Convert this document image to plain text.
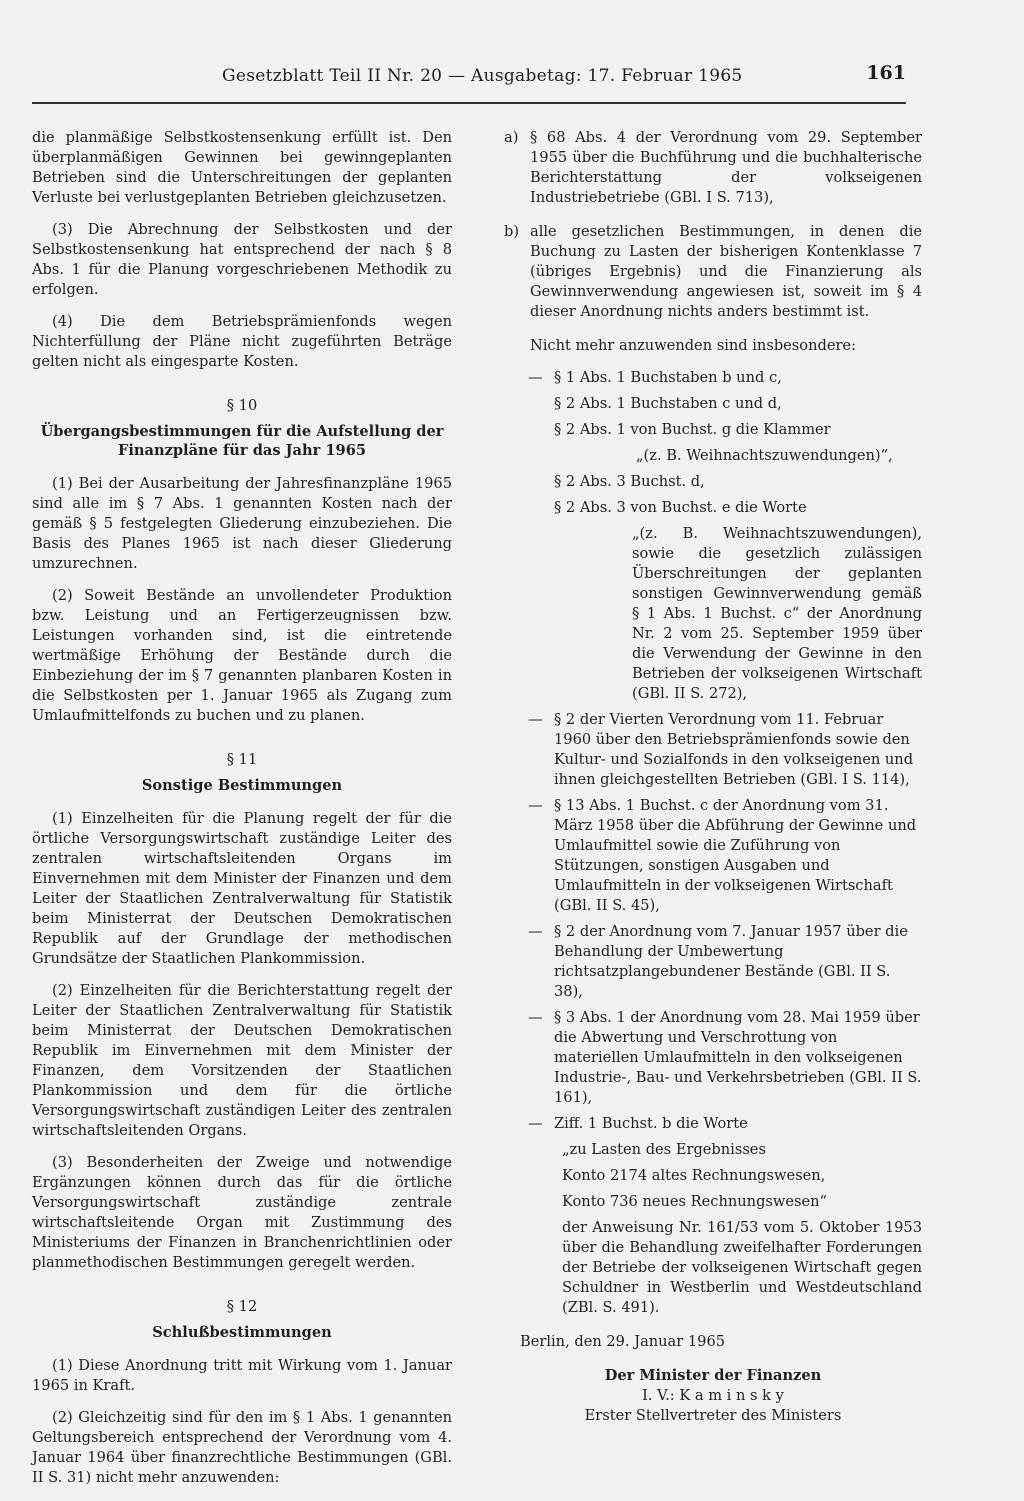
Gesetzblatt Teil II Nr. 20 — Ausgabetag: 17. Februar 1965	161

die planmäßige Selbstkostensenkung erfüllt ist. Den überplanmäßigen Gewinnen bei gewinngeplanten Betrieben sind die Unterschreitungen der geplanten Verluste bei verlustgeplanten Betrieben gleichzusetzen.

(3) Die Abrechnung der Selbstkosten und der Selbstkostensenkung hat entsprechend der nach § 8 Abs. 1 für die Planung vorgeschriebenen Methodik zu erfolgen.

(4) Die dem Betriebsprämienfonds wegen Nichterfüllung der Pläne nicht zugeführten Beträge gelten nicht als eingesparte Kosten.

§ 10
Übergangsbestimmungen für die Aufstellung der
Finanzpläne für das Jahr 1965

(1) Bei der Ausarbeitung der Jahresfinanzpläne 1965 sind alle im § 7 Abs. 1 genannten Kosten nach der gemäß § 5 festgelegten Gliederung einzubeziehen. Die Basis des Planes 1965 ist nach dieser Gliederung umzurechnen.

(2) Soweit Bestände an unvollendeter Produktion bzw. Leistung und an Fertigerzeugnissen bzw. Leistungen vorhanden sind, ist die eintretende wertmäßige Erhöhung der Bestände durch die Einbeziehung der im § 7 genannten planbaren Kosten in die Selbstkosten per 1. Januar 1965 als Zugang zum Umlaufmittelfonds zu buchen und zu planen.

§ 11
Sonstige Bestimmungen

(1) Einzelheiten für die Planung regelt der für die örtliche Versorgungswirtschaft zuständige Leiter des zentralen wirtschaftsleitenden Organs im Einvernehmen mit dem Minister der Finanzen und dem Leiter der Staatlichen Zentralverwaltung für Statistik beim Ministerrat der Deutschen Demokratischen Republik auf der Grundlage der methodischen Grundsätze der Staatlichen Plankommission.

(2) Einzelheiten für die Berichterstattung regelt der Leiter der Staatlichen Zentralverwaltung für Statistik beim Ministerrat der Deutschen Demokratischen Republik im Einvernehmen mit dem Minister der Finanzen, dem Vorsitzenden der Staatlichen Plankommission und dem für die örtliche Versorgungswirtschaft zuständigen Leiter des zentralen wirtschaftsleitenden Organs.

(3) Besonderheiten der Zweige und notwendige Ergänzungen können durch das für die örtliche Versorgungswirtschaft zuständige zentrale wirtschaftsleitende Organ mit Zustimmung des Ministeriums der Finanzen in Branchenrichtlinien oder planmethodischen Bestimmungen geregelt werden.

§ 12
Schlußbestimmungen

(1) Diese Anordnung tritt mit Wirkung vom 1. Januar 1965 in Kraft.

(2) Gleichzeitig sind für den im § 1 Abs. 1 genannten Geltungsbereich entsprechend der Verordnung vom 4. Januar 1964 über finanzrechtliche Bestimmungen (GBl. II S. 31) nicht mehr anzuwenden:

a) § 68 Abs. 4 der Verordnung vom 29. September 1955 über die Buchführung und die buchhalterische Berichterstattung der volkseigenen Industriebetriebe (GBl. I S. 713),
b) alle gesetzlichen Bestimmungen, in denen die Buchung zu Lasten der bisherigen Kontenklasse 7 (übriges Ergebnis) und die Finanzierung als Gewinnverwendung angewiesen ist, soweit im § 4 dieser Anordnung nichts anders bestimmt ist.

Nicht mehr anzuwenden sind insbesondere:

— § 1 Abs. 1 Buchstaben b und c,
§ 2 Abs. 1 Buchstaben c und d,
§ 2 Abs. 1 von Buchst. g die Klammer
„(z. B. Weihnachtszuwendungen)“,
§ 2 Abs. 3 Buchst. d,
§ 2 Abs. 3 von Buchst. e die Worte
„(z. B. Weihnachtszuwendungen), sowie die gesetzlich zulässigen Überschreitungen der geplanten sonstigen Gewinnverwendung gemäß § 1 Abs. 1 Buchst. c“ der Anordnung Nr. 2 vom 25. September 1959 über die Verwendung der Gewinne in den Betrieben der volkseigenen Wirtschaft (GBl. II S. 272),
— § 2 der Vierten Verordnung vom 11. Februar 1960 über den Betriebsprämienfonds sowie den Kultur- und Sozialfonds in den volkseigenen und ihnen gleichgestellten Betrieben (GBl. I S. 114),
— § 13 Abs. 1 Buchst. c der Anordnung vom 31. März 1958 über die Abführung der Gewinne und Umlaufmittel sowie die Zuführung von Stützungen, sonstigen Ausgaben und Umlaufmitteln in der volkseigenen Wirtschaft (GBl. II S. 45),
— § 2 der Anordnung vom 7. Januar 1957 über die Behandlung der Umbewertung richtsatzplangebundener Bestände (GBl. II S. 38),
— § 3 Abs. 1 der Anordnung vom 28. Mai 1959 über die Abwertung und Verschrottung von materiellen Umlaufmitteln in den volkseigenen Industrie-, Bau- und Verkehrsbetrieben (GBl. II S. 161),
— Ziff. 1 Buchst. b die Worte
„zu Lasten des Ergebnisses
Konto 2174 altes Rechnungswesen,
Konto 736 neues Rechnungswesen“
der Anweisung Nr. 161/53 vom 5. Oktober 1953 über die Behandlung zweifelhafter Forderungen der Betriebe der volkseigenen Wirtschaft gegen Schuldner in Westberlin und Westdeutschland (ZBl. S. 491).

Berlin, den 29. Januar 1965

Der Minister der Finanzen

I. V.: K a m i n s k y

Erster Stellvertreter des Ministers
